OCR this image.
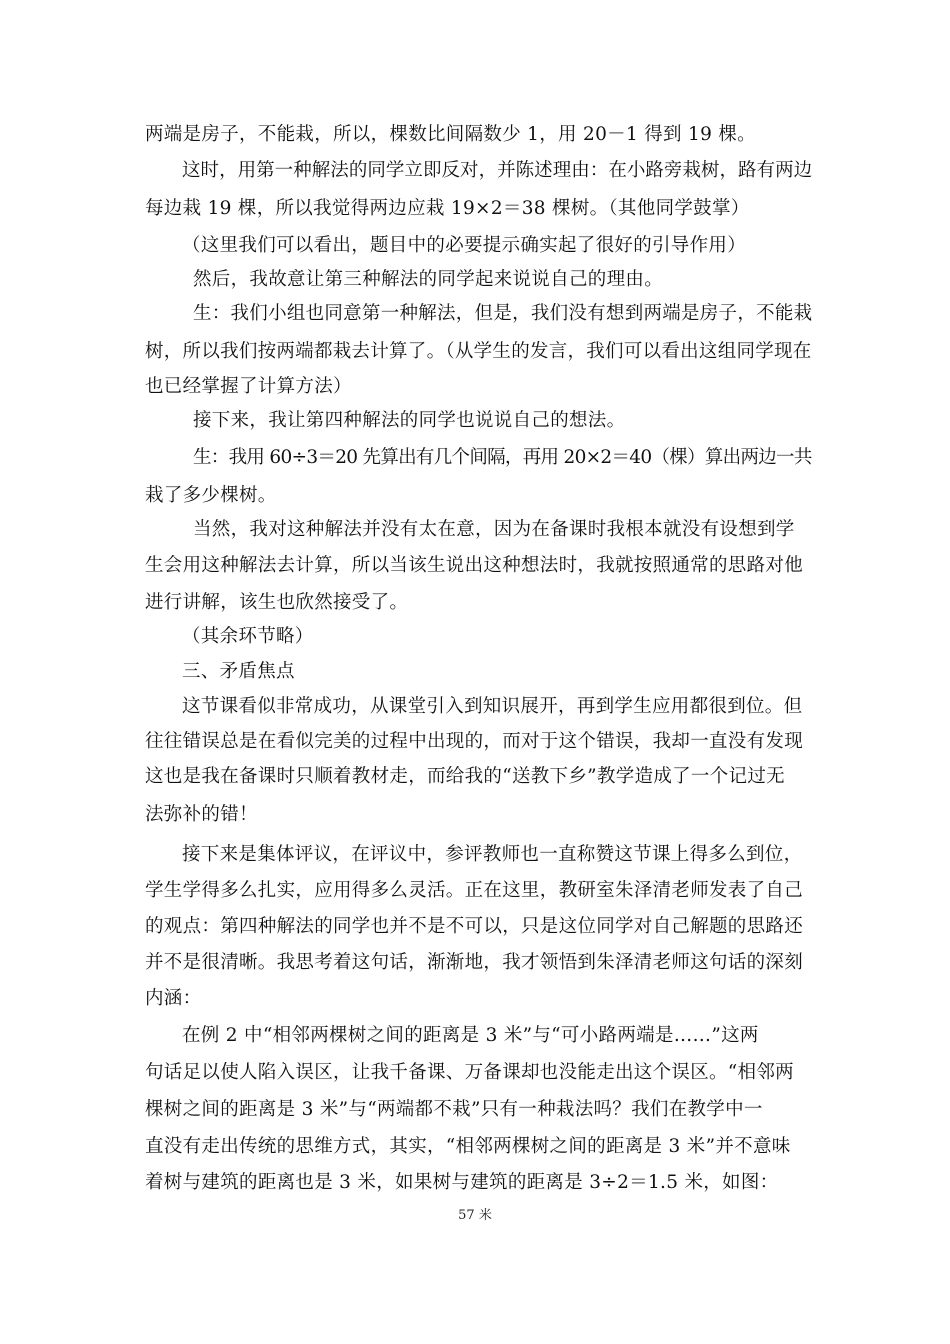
两端是房子，不能栽，所以，棵数比间隔数少 1，用 20－1 得到 19 棵。
这时，用第一种解法的同学立即反对，并陈述理由：在小路旁栽树，路有两边
每边栽 19 棵，所以我觉得两边应栽 19×2＝38 棵树。（其他同学鼓掌）
（这里我们可以看出，题目中的必要提示确实起了很好的引导作用）
然后，我故意让第三种解法的同学起来说说自己的理由。
生：我们小组也同意第一种解法，但是，我们没有想到两端是房子，不能栽
树，所以我们按两端都栽去计算了。（从学生的发言，我们可以看出这组同学现在
也已经掌握了计算方法）
接下来，我让第四种解法的同学也说说自己的想法。
生：我用 60÷3＝20 先算出有几个间隔，再用 20×2＝40（棵）算出两边一共
栽了多少棵树。
当然，我对这种解法并没有太在意，因为在备课时我根本就没有设想到学
生会用这种解法去计算，所以当该生说出这种想法时，我就按照通常的思路对他
进行讲解，该生也欣然接受了。
（其余环节略）
三、矛盾焦点
这节课看似非常成功，从课堂引入到知识展开，再到学生应用都很到位。但
往往错误总是在看似完美的过程中出现的，而对于这个错误，我却一直没有发现
这也是我在备课时只顺着教材走，而给我的“送教下乡”教学造成了一个记过无
法弥补的错！
接下来是集体评议，在评议中，参评教师也一直称赞这节课上得多么到位，
学生学得多么扎实，应用得多么灵活。正在这里，教研室朱泽清老师发表了自己
的观点：第四种解法的同学也并不是不可以，只是这位同学对自己解题的思路还
并不是很清晰。我思考着这句话，渐渐地，我才领悟到朱泽清老师这句话的深刻
内涵：
在例 2 中“相邻两棵树之间的距离是 3 米”与“可小路两端是……”这两
句话足以使人陷入误区，让我千备课、万备课却也没能走出这个误区。“相邻两
棵树之间的距离是 3 米”与“两端都不栽”只有一种栽法吗？我们在教学中一
直没有走出传统的思维方式，其实，“相邻两棵树之间的距离是 3 米”并不意味
着树与建筑的距离也是 3 米，如果树与建筑的距离是 3÷2＝1.5 米，如图：
57 米
